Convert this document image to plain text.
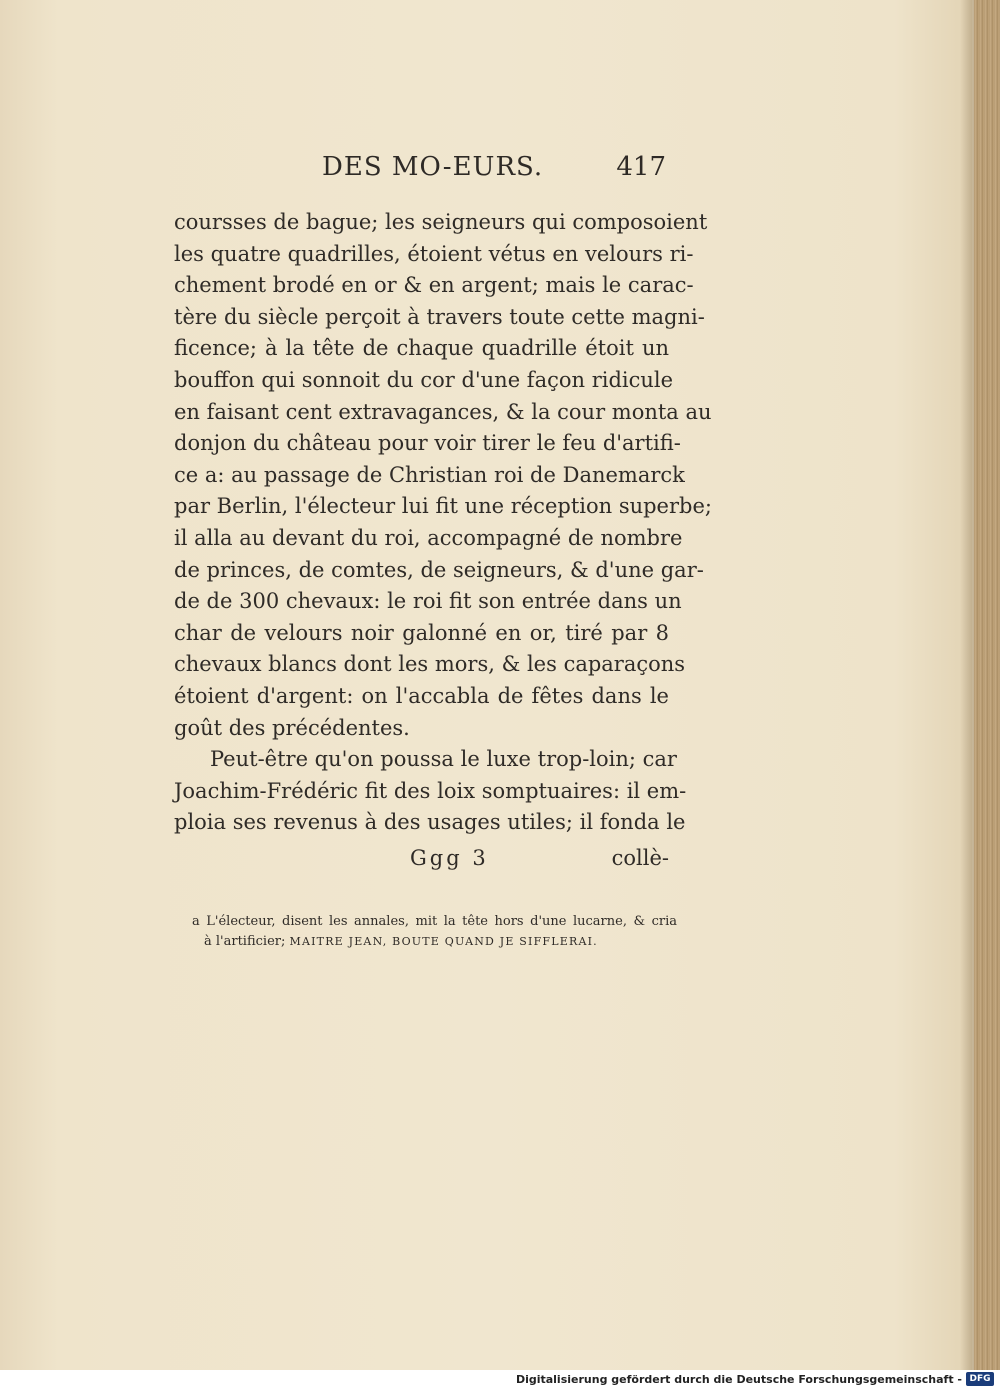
DES MO-EURS.	417
coursses de bague; les seigneurs qui composoient
les quatre quadrilles, étoient vétus en velours ri-
chement brodé en or & en argent; mais le carac-
tère du siècle perçoit à travers toute cette magni-
ficence; à la tête de chaque quadrille étoit un
bouffon qui sonnoit du cor d'une façon ridicule
en faisant cent extravagances, & la cour monta au
donjon du château pour voir tirer le feu d'artifi-
ce a: au passage de Christian roi de Danemarck
par Berlin, l'électeur lui fit une réception superbe;
il alla au devant du roi, accompagné de nombre
de princes, de comtes, de seigneurs, & d'une gar-
de de 300 chevaux: le roi fit son entrée dans un
char de velours noir galonné en or, tiré par 8
chevaux blancs dont les mors, & les caparaçons
étoient d'argent: on l'accabla de fêtes dans le
goût des précédentes.
Peut-être qu'on poussa le luxe trop-loin; car
Joachim-Frédéric fit des loix somptuaires: il em-
ploia ses revenus à des usages utiles; il fonda le
Ggg 3	collè-
a L'électeur, disent les annales, mit la tête hors d'une lucarne, & cria
à l'artificier; MAITRE JEAN, BOUTE QUAND JE SIFFLERAI.
Digitalisierung gefördert durch die Deutsche Forschungsgemeinschaft - DFG
